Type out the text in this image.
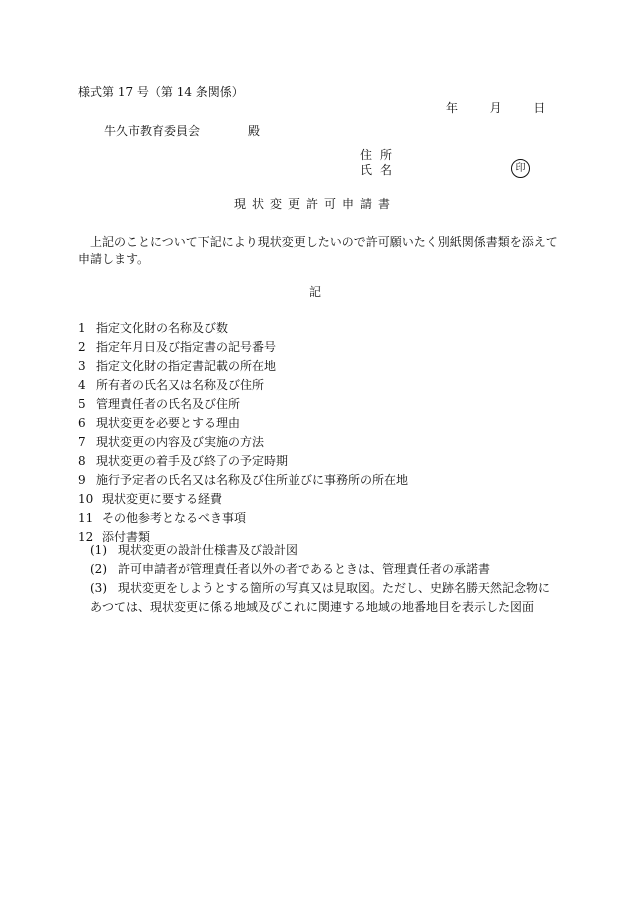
様式第 17 号（第 14 条関係）
年	月	日
牛久市教育委員会	殿
住所
氏名	印
現状変更許可申請書
上記のことについて下記により現状変更したいので許可願いたく別紙関係書類を添えて申請します。
記
1 指定文化財の名称及び数
2 指定年月日及び指定書の記号番号
3 指定文化財の指定書記載の所在地
4 所有者の氏名又は名称及び住所
5 管理責任者の氏名及び住所
6 現状変更を必要とする理由
7 現状変更の内容及び実施の方法
8 現状変更の着手及び終了の予定時期
9 施行予定者の氏名又は名称及び住所並びに事務所の所在地
10 現状変更に要する経費
11 その他参考となるべき事項
12 添付書類
(1) 現状変更の設計仕様書及び設計図
(2) 許可申請者が管理責任者以外の者であるときは、管理責任者の承諾書
(3) 現状変更をしようとする箇所の写真又は見取図。ただし、史跡名勝天然記念物に
あつては、現状変更に係る地域及びこれに関連する地域の地番地目を表示した図面
